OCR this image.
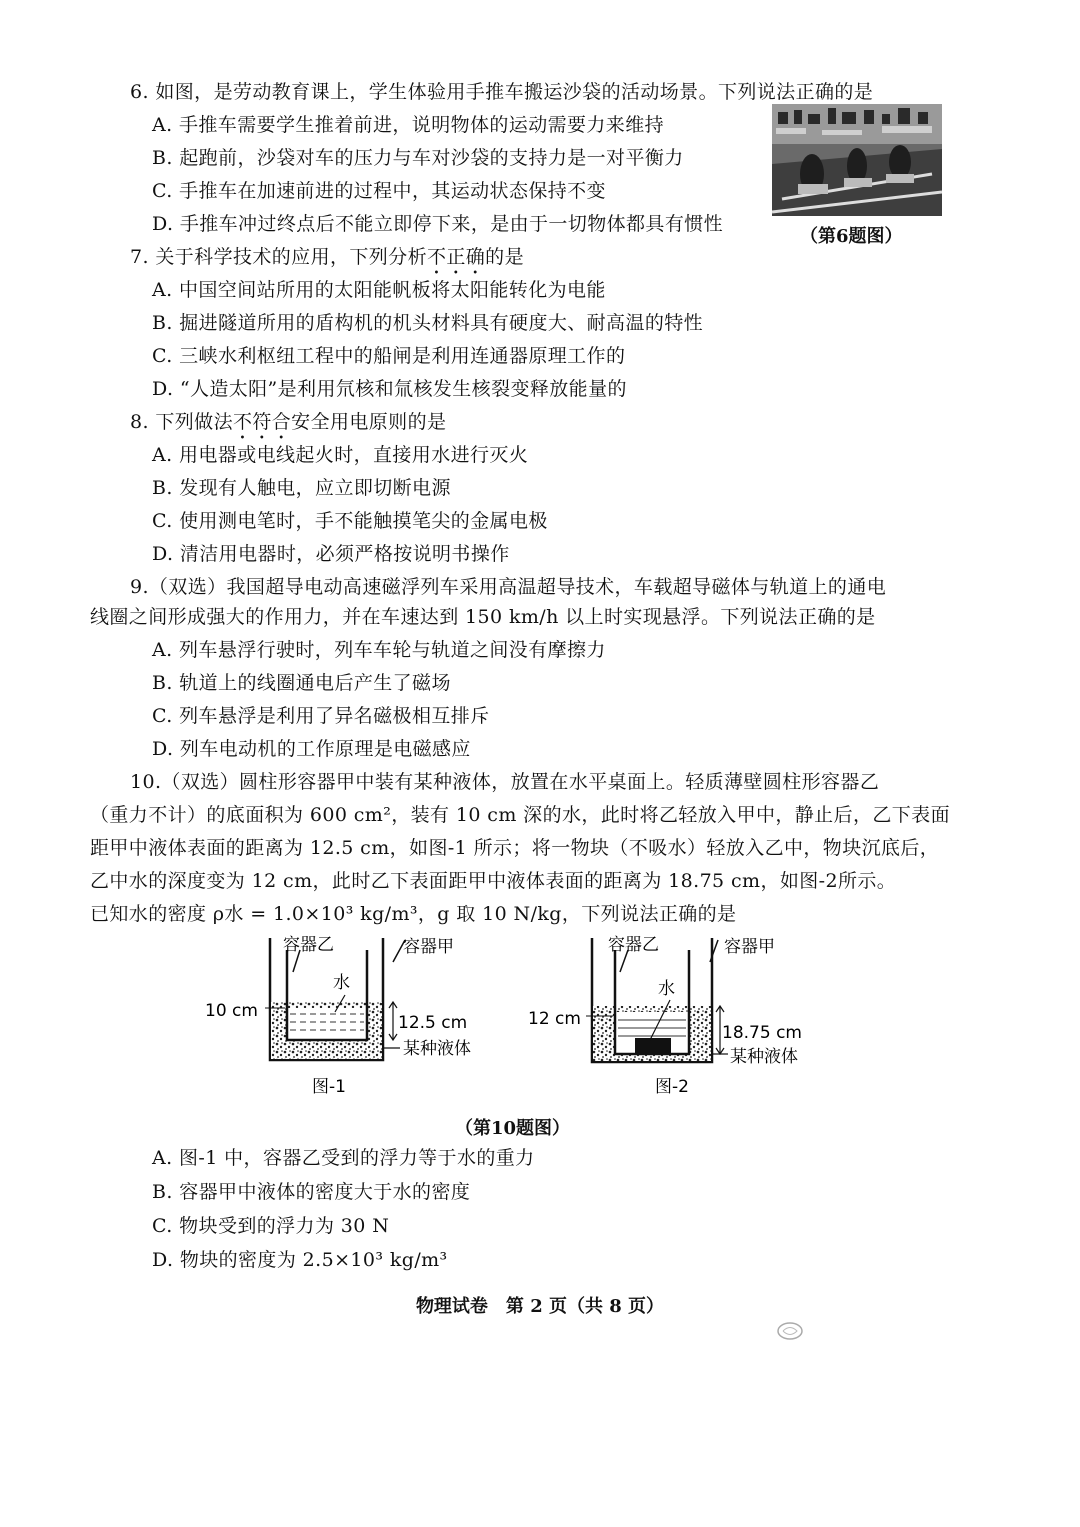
6. 如图，是劳动教育课上，学生体验用手推车搬运沙袋的活动场景。下列说法正确的是
A. 手推车需要学生推着前进，说明物体的运动需要力来维持
B. 起跑前，沙袋对车的压力与车对沙袋的支持力是一对平衡力
C. 手推车在加速前进的过程中，其运动状态保持不变
D. 手推车冲过终点后不能立即停下来，是由于一切物体都具有惯性
（第6题图）
7. 关于科学技术的应用，下列分析不正确的是
A. 中国空间站所用的太阳能帆板将太阳能转化为电能
B. 掘进隧道所用的盾构机的机头材料具有硬度大、耐高温的特性
C. 三峡水利枢纽工程中的船闸是利用连通器原理工作的
D. “人造太阳”是利用氘核和氚核发生核裂变释放能量的
8. 下列做法不符合安全用电原则的是
A. 用电器或电线起火时，直接用水进行灭火
B. 发现有人触电，应立即切断电源
C. 使用测电笔时，手不能触摸笔尖的金属电极
D. 清洁用电器时，必须严格按说明书操作
9.（双选）我国超导电动高速磁浮列车采用高温超导技术，车载超导磁体与轨道上的通电
线圈之间形成强大的作用力，并在车速达到 150 km/h 以上时实现悬浮。下列说法正确的是
A. 列车悬浮行驶时，列车车轮与轨道之间没有摩擦力
B. 轨道上的线圈通电后产生了磁场
C. 列车悬浮是利用了异名磁极相互排斥
D. 列车电动机的工作原理是电磁感应
10.（双选）圆柱形容器甲中装有某种液体，放置在水平桌面上。轻质薄壁圆柱形容器乙
（重力不计）的底面积为 600 cm²，装有 10 cm 深的水，此时将乙轻放入甲中，静止后，乙下表面
距甲中液体表面的距离为 12.5 cm，如图-1 所示；将一物块（不吸水）轻放入乙中，物块沉底后，
乙中水的深度变为 12 cm，此时乙下表面距甲中液体表面的距离为 18.75 cm，如图-2所示。
已知水的密度 ρ水 = 1.0×10³ kg/m³，g 取 10 N/kg，下列说法正确的是
容器乙	容器甲
水
10 cm
12.5 cm
某种液体
图-1
容器乙	容器甲
水
12 cm
18.75 cm
某种液体
图-2
（第10题图）
A. 图-1 中，容器乙受到的浮力等于水的重力
B. 容器甲中液体的密度大于水的密度
C. 物块受到的浮力为 30 N
D. 物块的密度为 2.5×10³ kg/m³
物理试卷　第 2 页（共 8 页）
